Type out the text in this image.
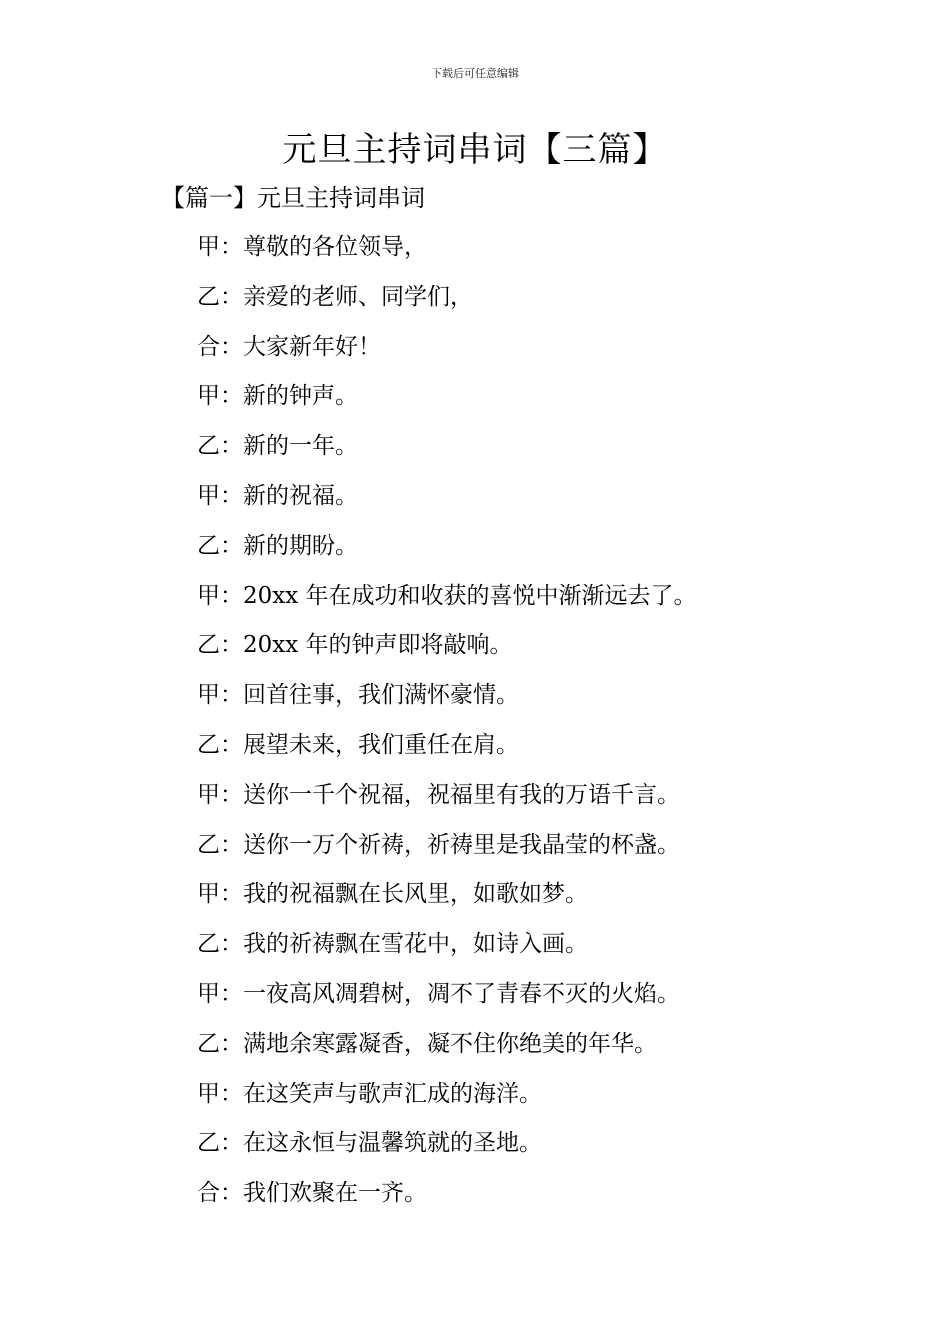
下载后可任意编辑
元旦主持词串词【三篇】
【篇一】元旦主持词串词
甲：尊敬的各位领导，
乙：亲爱的老师、同学们，
合：大家新年好！
甲：新的钟声。
乙：新的一年。
甲：新的祝福。
乙：新的期盼。
甲：20xx 年在成功和收获的喜悦中渐渐远去了。
乙：20xx 年的钟声即将敲响。
甲：回首往事，我们满怀豪情。
乙：展望未来，我们重任在肩。
甲：送你一千个祝福，祝福里有我的万语千言。
乙：送你一万个祈祷，祈祷里是我晶莹的杯盏。
甲：我的祝福飘在长风里，如歌如梦。
乙：我的祈祷飘在雪花中，如诗入画。
甲：一夜高风凋碧树，凋不了青春不灭的火焰。
乙：满地余寒露凝香，凝不住你绝美的年华。
甲：在这笑声与歌声汇成的海洋。
乙：在这永恒与温馨筑就的圣地。
合：我们欢聚在一齐。
